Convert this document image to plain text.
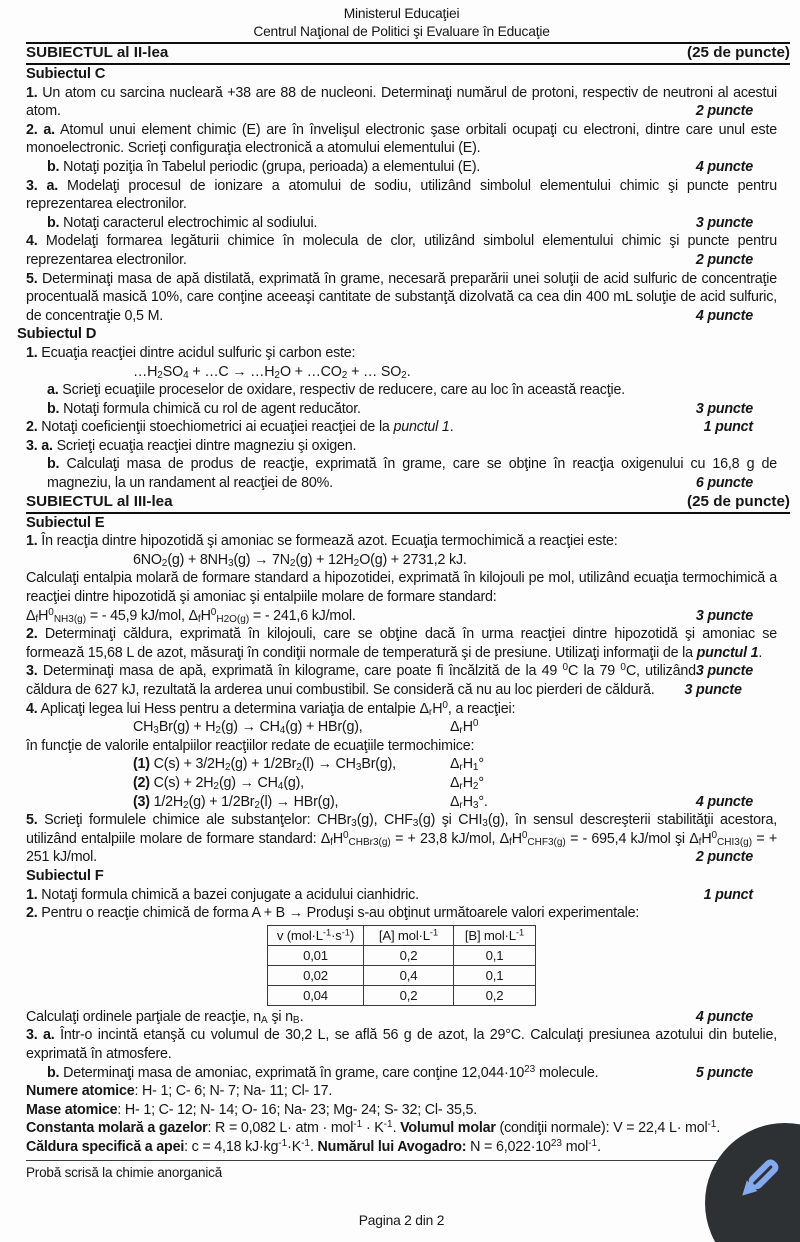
Ministerul Educaţiei
Centrul Naţional de Politici şi Evaluare în Educaţie
SUBIECTUL al II-lea	(25 de puncte)
Subiectul C

1. Un atom cu sarcina nucleară +38 are 88 de nucleoni. Determinaţi numărul de protoni, respectiv de neutroni al acestui atom.	2 puncte

2. a. Atomul unui element chimic (E) are în învelişul electronic şase orbitali ocupaţi cu electroni, dintre care unul este monoelectronic. Scrieţi configuraţia electronică a atomului elementului (E).

b. Notaţi poziţia în Tabelul periodic (grupa, perioada) a elementului (E).	4 puncte

3. a. Modelaţi procesul de ionizare a atomului de sodiu, utilizând simbolul elementului chimic şi puncte pentru reprezentarea electronilor.

b. Notaţi caracterul electrochimic al sodiului.	3 puncte

4. Modelaţi formarea legăturii chimice în molecula de clor, utilizând simbolul elementului chimic şi puncte pentru reprezentarea electronilor.	2 puncte

5. Determinaţi masa de apă distilată, exprimată în grame, necesară preparării unei soluţii de acid sulfuric de concentraţie procentuală masică 10%, care conţine aceeaşi cantitate de substanţă dizolvată ca cea din 400 mL soluţie de acid sulfuric, de concentraţie 0,5 M.	4 puncte

Subiectul D

1. Ecuaţia reacţiei dintre acidul sulfuric şi carbon este:

$\dots H_2SO_4$ + …C → $\dots H_2O$ + $\dots CO_2$ + … $SO_2$.

a. Scrieţi ecuaţiile proceselor de oxidare, respectiv de reducere, care au loc în această reacţie.

b. Notaţi formula chimică cu rol de agent reducător.	3 puncte

2. Notaţi coeficienţii stoechiometrici ai ecuaţiei reacţiei de la punctul 1.	1 punct

3. a. Scrieţi ecuaţia reacţiei dintre magneziu şi oxigen.

b. Calculaţi masa de produs de reacţie, exprimată în grame, care se obţine în reacţia oxigenului cu 16,8 g de magneziu, la un randament al reacţiei de 80%.	6 puncte

SUBIECTUL al III-lea	(25 de puncte)
Subiectul E

1. În reacţia dintre hipozotidă şi amoniac se formează azot. Ecuaţia termochimică a reacţiei este:

$6NO_2(g) + 8NH_3(g) \to 7N_2(g) + 12H_2O(g) + 2731,2$ kJ.

Calculaţi entalpia molară de formare standard a hipozotidei, exprimată în kilojouli pe mol, utilizând ecuaţia termochimică a reacţiei dintre hipozotidă şi amoniac şi entalpiile molare de formare standard:

$\Delta_fH^0_{NH3(g)}$ = - 45,9 kJ/mol, $\Delta_fH^0_{H2O(g)}$ = - 241,6 kJ/mol.	3 puncte

2. Determinaţi căldura, exprimată în kilojouli, care se obţine dacă în urma reacţiei dintre hipozotidă şi amoniac se formează 15,68 L de azot, măsuraţi în condiţii normale de temperatură şi de presiune. Utilizaţi informaţii de la punctul 1.
3 puncte

3. Determinaţi masa de apă, exprimată în kilograme, care poate fi încălzită de la 49 $^0$C la 79 $^0$C, utilizând căldura de 627 kJ, rezultată la arderea unui combustibil. Se consideră că nu au loc pierderi de căldură. 3 puncte

4. Aplicaţi legea lui Hess pentru a determina variaţia de entalpie $\Delta_rH^0$, a reacţiei:

$CH_3Br(g) + H_2(g) \to CH_4(g) + HBr(g)$,	$\Delta_rH^0$

în funcţie de valorile entalpiilor reacţiilor redate de ecuaţiile termochimice:

(1) $C(s) + 3/2H_2(g) + 1/2Br_2(l) \to CH_3Br(g)$,	$\Delta_rH_1^\circ$

(2) $C(s) + 2H_2(g) \to CH_4(g)$,	$\Delta_rH_2^\circ$

(3) $1/2H_2(g) + 1/2Br_2(l) \to HBr(g)$,	$\Delta_rH_3^\circ$.	4 puncte

5. Scrieţi formulele chimice ale substanţelor: CHBr$_3$(g), $CHF_3(g)$ şi $CHI_3(g)$, în sensul descreşterii stabilităţii acestora, utilizând entalpiile molare de formare standard: $\Delta_fH^0_{CHBr3(g)}$ = + 23,8 kJ/mol, $\Delta_fH^0_{CHF3(g)}$ = - 695,4 kJ/mol şi $\Delta_fH^0_{CHI3(g)}$ = + 251 kJ/mol.	2 puncte

Subiectul F

1. Notaţi formula chimică a bazei conjugate a acidului cianhidric.	1 punct

2. Pentru o reacţie chimică de forma A + B → Produşi s-au obţinut următoarele valori experimentale:

v $(mol\cdot L^{-1}\cdot s^{-1})$	[A] $mol\cdot L^{-1}$	[B] $mol\cdot L^{-1}$
0,01	0,2	0,1
0,02	0,4	0,1
0,04	0,2	0,2

Calculaţi ordinele parţiale de reacţie, $n_A$ şi $n_B$.	4 puncte

3. a. Într-o incintă etanşă cu volumul de 30,2 L, se află 56 g de azot, la 29°C. Calculaţi presiunea azotului din butelie, exprimată în atmosfere.

b. Determinaţi masa de amoniac, exprimată în grame, care conţine $12,044\cdot 10^{23}$ molecule.	5 puncte

Numere atomice: H- 1; C- 6; N- 7; Na- 11; Cl- 17.

Mase atomice: H- 1; C- 12; N- 14; O- 16; Na- 23; Mg- 24; S- 32; Cl- 35,5.

Constanta molară a gazelor: R = 0,082 L· atm · $mol^{-1} \cdot K^{-1}$. Volumul molar (condiţii normale): V = 22,4 L· mol$^{-1}$.

Căldura specifică a apei: c = 4,18 $kJ\cdot kg^{-1}\cdot K^{-1}$. Numărul lui Avogadro: $N = 6,022\cdot 10^{23}$ mol$^{-1}$.

Probă scrisă la chimie anorganică
Pagina 2 din 2
